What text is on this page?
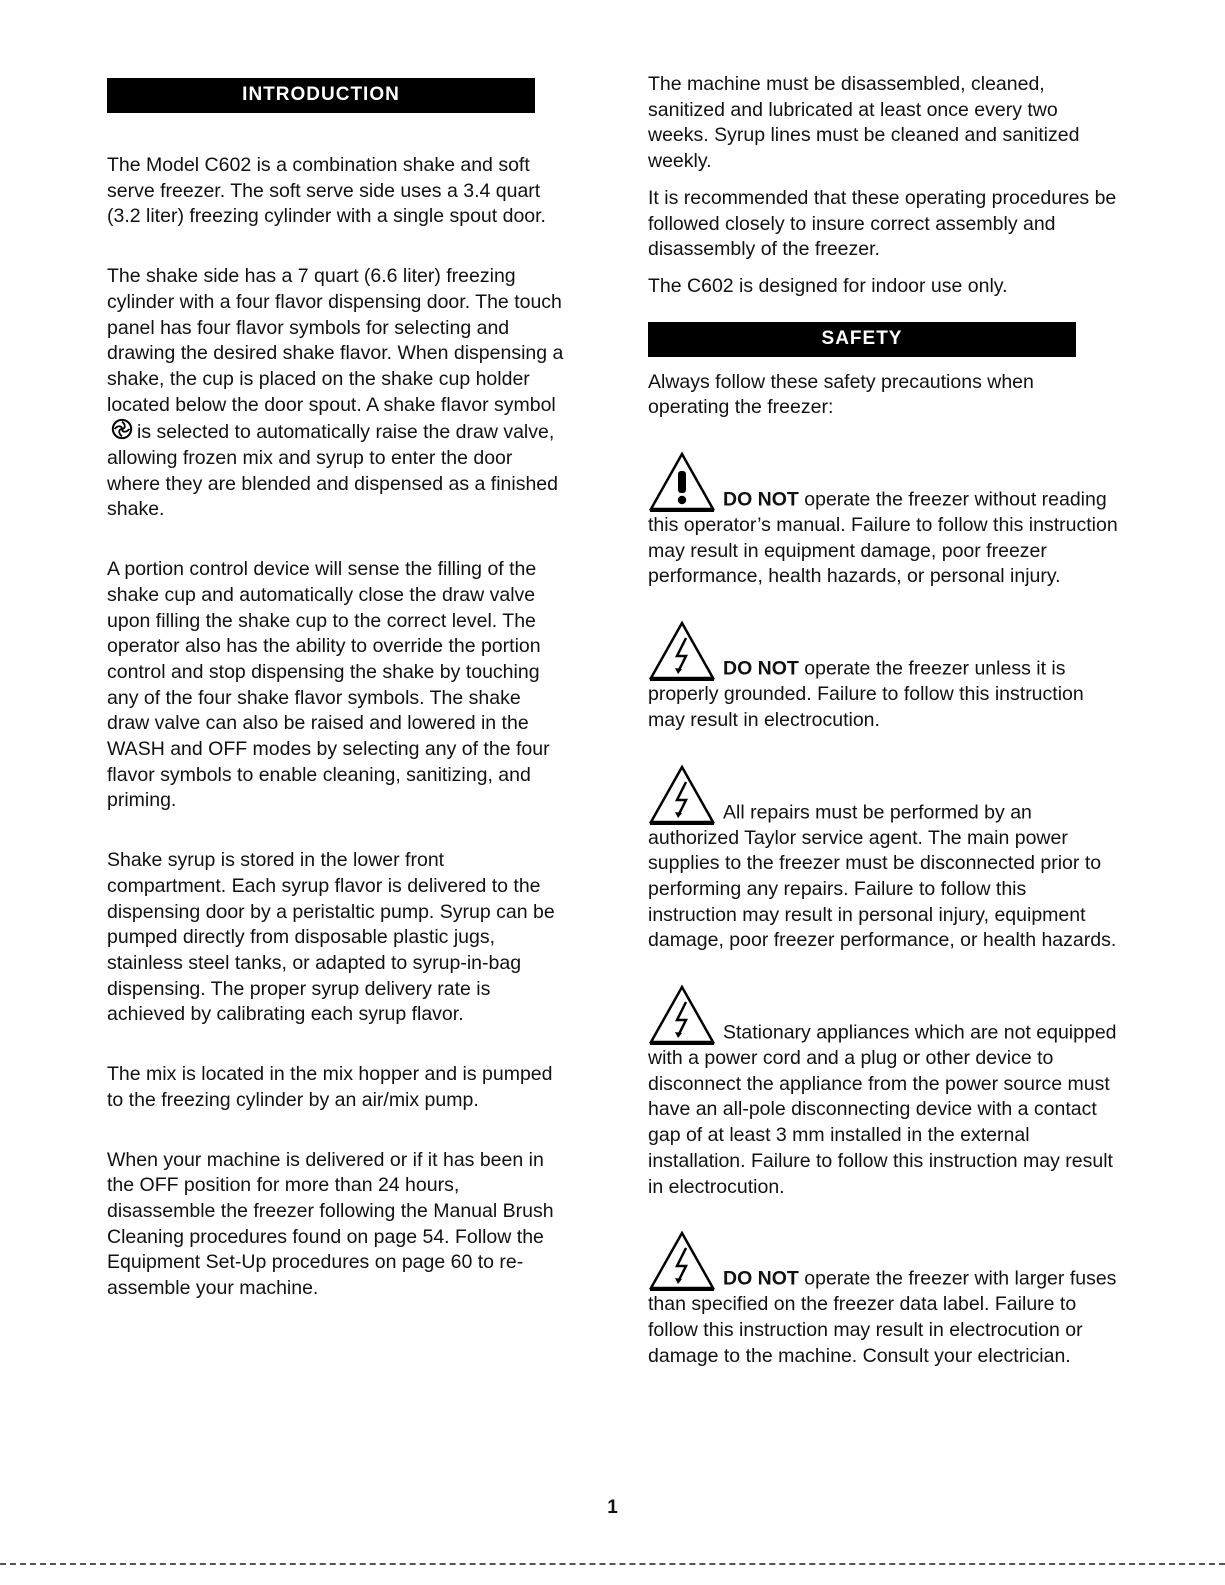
INTRODUCTION

The Model C602 is a combination shake and soft serve freezer. The soft serve side uses a 3.4 quart (3.2 liter) freezing cylinder with a single spout door.

The shake side has a 7 quart (6.6 liter) freezing cylinder with a four flavor dispensing door. The touch panel has four flavor symbols for selecting and drawing the desired shake flavor. When dispensing a shake, the cup is placed on the shake cup holder located below the door spout. A shake flavor symbolis selected to automatically raise the draw valve, allowing frozen mix and syrup to enter the door where they are blended and dispensed as a finished shake.

A portion control device will sense the filling of the shake cup and automatically close the draw valve upon filling the shake cup to the correct level. The operator also has the ability to override the portion control and stop dispensing the shake by touching any of the four shake flavor symbols. The shake draw valve can also be raised and lowered in the WASH and OFF modes by selecting any of the four flavor symbols to enable cleaning, sanitizing, and priming.

Shake syrup is stored in the lower front compartment. Each syrup flavor is delivered to the dispensing door by a peristaltic pump. Syrup can be pumped directly from disposable plastic jugs, stainless steel tanks, or adapted to syrup-in-bag dispensing. The proper syrup delivery rate is achieved by calibrating each syrup flavor.

The mix is located in the mix hopper and is pumped to the freezing cylinder by an air/mix pump.

When your machine is delivered or if it has been in the OFF position for more than 24 hours, disassemble the freezer following the Manual Brush Cleaning procedures found on page 54. Follow the Equipment Set-Up procedures on page 60 to re-assemble your machine.

The machine must be disassembled, cleaned, sanitized and lubricated at least once every two weeks. Syrup lines must be cleaned and sanitized weekly.

It is recommended that these operating procedures be followed closely to insure correct assembly and disassembly of the freezer.

The C602 is designed for indoor use only.

SAFETY

Always follow these safety precautions when operating the freezer:

DO NOT operate the freezer without reading this operator’s manual. Failure to follow this instruction may result in equipment damage, poor freezer performance, health hazards, or personal injury.

DO NOT operate the freezer unless it is properly grounded. Failure to follow this instruction may result in electrocution.

All repairs must be performed by an authorized Taylor service agent. The main power supplies to the freezer must be disconnected prior to performing any repairs. Failure to follow this instruction may result in personal injury, equipment damage, poor freezer performance, or health hazards.

Stationary appliances which are not equipped with a power cord and a plug or other device to disconnect the appliance from the power source must have an all-pole disconnecting device with a contact gap of at least 3 mm installed in the external installation. Failure to follow this instruction may result in electrocution.

DO NOT operate the freezer with larger fuses than specified on the freezer data label. Failure to follow this instruction may result in electrocution or damage to the machine. Consult your electrician.

1
